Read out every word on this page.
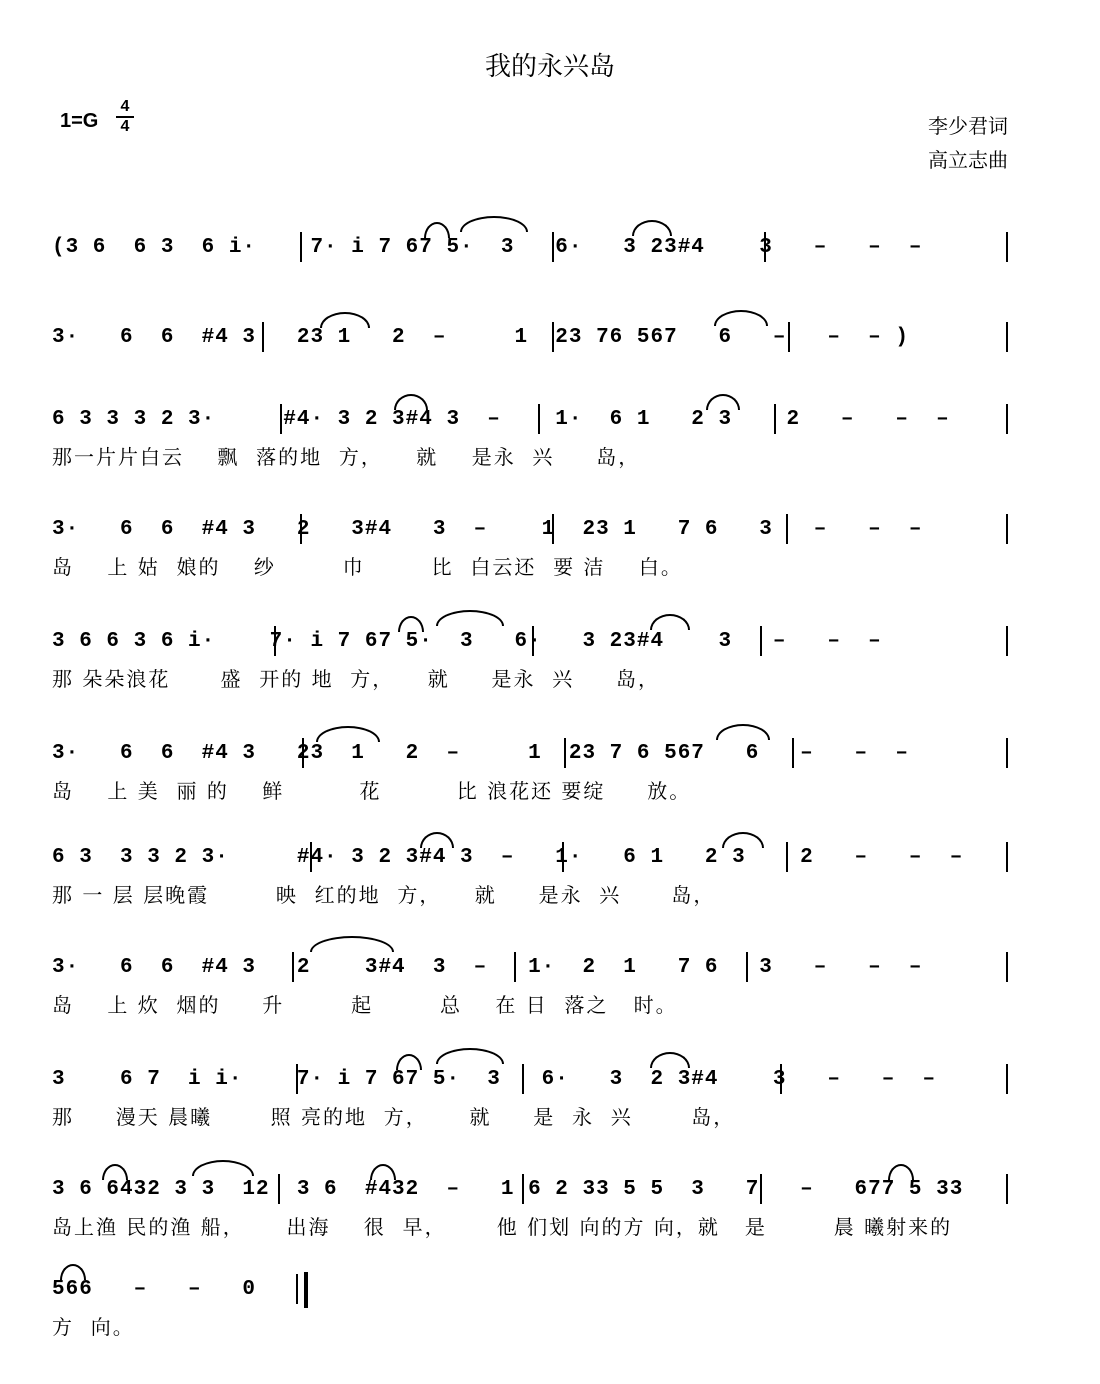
我的永兴岛
1=G
4
4	李少君词
高立志曲
(3 6  6 3  6 i·    7· i 7 67 5·  3   6·   3 23#4    3   –   –  –
3·   6  6  #4 3   23 1   2  –     1  23 76 567   6   –   –  – )
6 3 3 3 2 3·     #4· 3 2 3#4 3  –    1·  6 1   2 3    2   –   –  –
那一片片白云    飘  落的地  方，    就    是永  兴     岛，
3·   6  6  #4 3   2   3#4   3  –    1  23 1   7 6   3   –   –  –
岛    上 姑  娘的    纱        巾        比  白云还  要 洁    白。
3 6 6 3 6 i·    7· i 7 67 5·  3   6·   3 23#4    3   –   –  –
那 朵朵浪花      盛  开的 地  方，    就     是永  兴     岛，
3·   6  6  #4 3   23  1   2  –     1  23 7 6 567   6   –   –  –
岛    上 美  丽 的    鲜         花         比 浪花还 要绽     放。
6 3  3 3 2 3·     #4· 3 2 3#4 3  –   1·   6 1   2 3    2   –   –  –
那 一 层 层晚霞        映  红的地  方，    就     是永  兴      岛，
3·   6  6  #4 3   2    3#4  3  –   1·  2  1   7 6   3   –   –  –
岛    上 炊  烟的     升        起        总    在 日  落之   时。
3    6 7  i i·    7· i 7 67 5·  3   6·   3  2 3#4    3   –   –  –
那     漫天 晨曦       照 亮的地  方，     就     是  永  兴       岛，
3 6 6432 3 3  12  3 6  #432  –   1 6 2 33 5 5  3   7   –   677 5 33
岛上渔 民的渔 船，     出海    很  早，      他 们划 向的方 向，就   是        晨 曦射来的
566   –   –   0
方  向。
